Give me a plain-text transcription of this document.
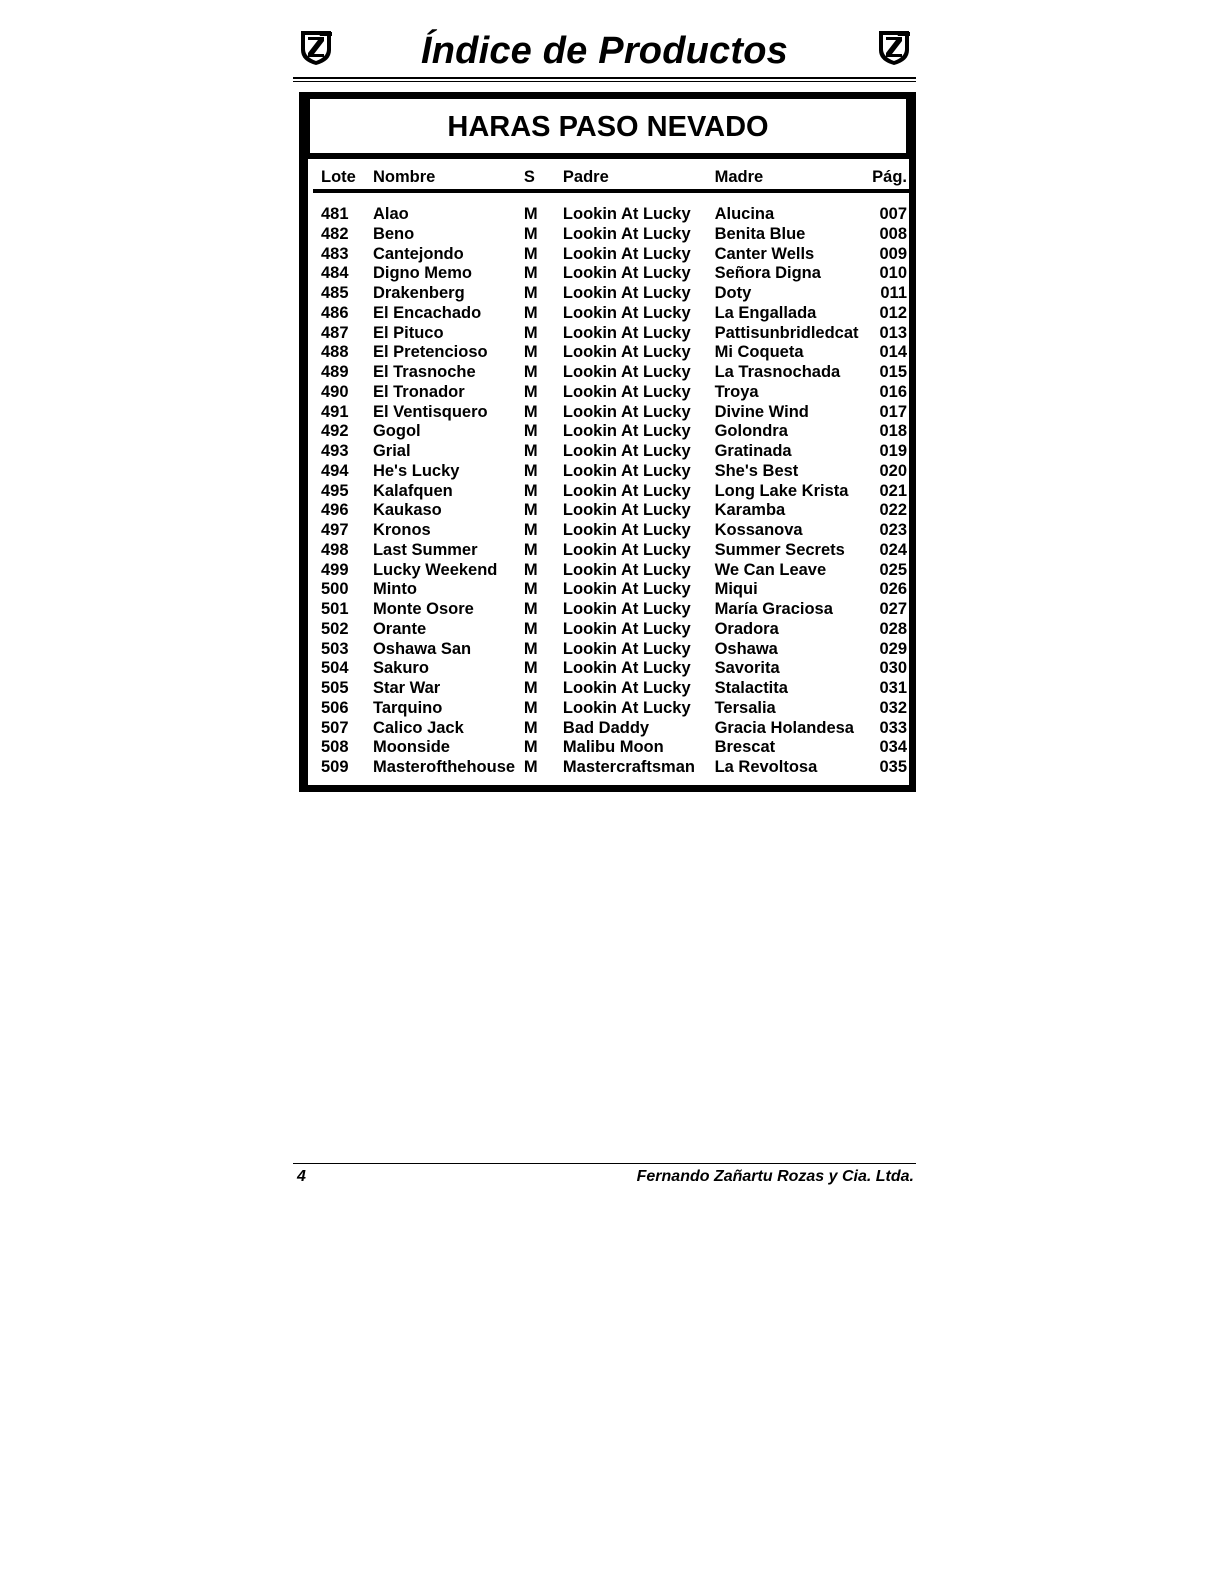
Índice de Productos
HARAS PASO NEVADO
Lote	Nombre	S	Padre	Madre	Pág.

481	Alao	M	Lookin At Lucky	Alucina	007
482	Beno	M	Lookin At Lucky	Benita Blue	008
483	Cantejondo	M	Lookin At Lucky	Canter Wells	009
484	Digno Memo	M	Lookin At Lucky	Señora Digna	010
485	Drakenberg	M	Lookin At Lucky	Doty	011
486	El Encachado	M	Lookin At Lucky	La Engallada	012
487	El Pituco	M	Lookin At Lucky	Pattisunbridledcat	013
488	El Pretencioso	M	Lookin At Lucky	Mi Coqueta	014
489	El Trasnoche	M	Lookin At Lucky	La Trasnochada	015
490	El Tronador	M	Lookin At Lucky	Troya	016
491	El Ventisquero	M	Lookin At Lucky	Divine Wind	017
492	Gogol	M	Lookin At Lucky	Golondra	018
493	Grial	M	Lookin At Lucky	Gratinada	019
494	He's Lucky	M	Lookin At Lucky	She's Best	020
495	Kalafquen	M	Lookin At Lucky	Long Lake Krista	021
496	Kaukaso	M	Lookin At Lucky	Karamba	022
497	Kronos	M	Lookin At Lucky	Kossanova	023
498	Last Summer	M	Lookin At Lucky	Summer Secrets	024
499	Lucky Weekend	M	Lookin At Lucky	We Can Leave	025
500	Minto	M	Lookin At Lucky	Miqui	026
501	Monte Osore	M	Lookin At Lucky	María Graciosa	027
502	Orante	M	Lookin At Lucky	Oradora	028
503	Oshawa San	M	Lookin At Lucky	Oshawa	029
504	Sakuro	M	Lookin At Lucky	Savorita	030
505	Star War	M	Lookin At Lucky	Stalactita	031
506	Tarquino	M	Lookin At Lucky	Tersalia	032
507	Calico Jack	M	Bad Daddy	Gracia Holandesa	033
508	Moonside	M	Malibu Moon	Brescat	034
509	Masterofthehouse	M	Mastercraftsman	La Revoltosa	035
4	Fernando Zañartu Rozas y Cia. Ltda.
